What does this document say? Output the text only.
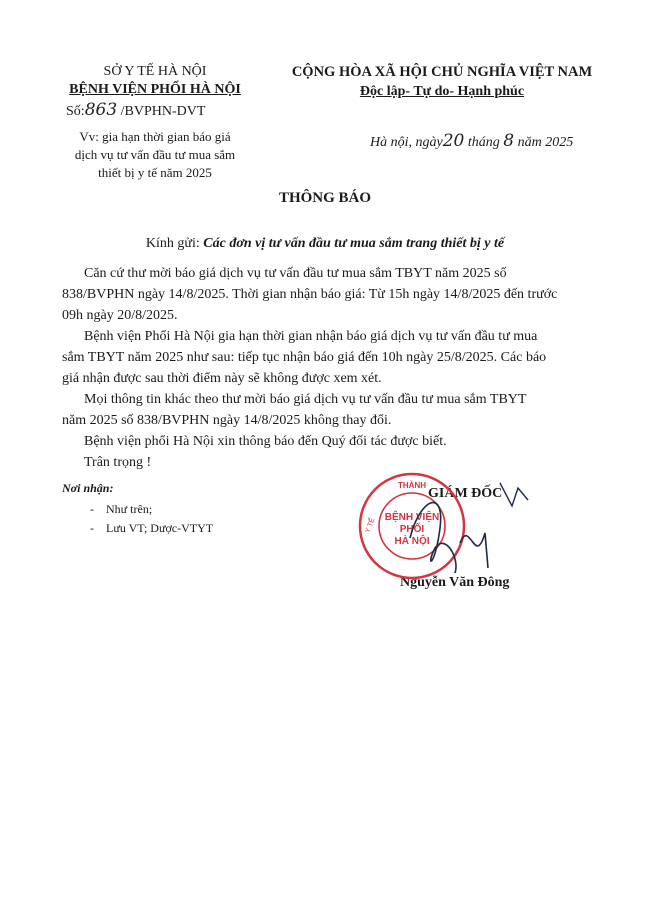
SỞ Y TẾ HÀ NỘI
BỆNH VIỆN PHỔI HÀ NỘI
Số:863 /BVPHN-DVT
Vv: gia hạn thời gian báo giá
dịch vụ tư vấn đầu tư mua sắm
thiết bị y tế năm 2025
CỘNG HÒA XÃ HỘI CHỦ NGHĨA VIỆT NAM
Độc lập- Tự do- Hạnh phúc
Hà nội, ngày20 tháng 8 năm 2025
THÔNG BÁO
Kính gửi: Các đơn vị tư vấn đầu tư mua sắm trang thiết bị y tế
Căn cứ thư mời báo giá dịch vụ tư vấn đầu tư mua sắm TBYT năm 2025 số
838/BVPHN ngày 14/8/2025. Thời gian nhận báo giá: Từ 15h ngày 14/8/2025 đến trước
09h ngày 20/8/2025.
Bệnh viện Phổi Hà Nội gia hạn thời gian nhận báo giá dịch vụ tư vấn đầu tư mua
sắm TBYT năm 2025 như sau: tiếp tục nhận báo giá đến 10h ngày 25/8/2025. Các báo
giá nhận được sau thời điểm này sẽ không được xem xét.
Mọi thông tin khác theo thư mời báo giá dịch vụ tư vấn đầu tư mua sắm TBYT
năm 2025 số 838/BVPHN ngày 14/8/2025 không thay đổi.
Bệnh viện phổi Hà Nội xin thông báo đến Quý đối tác được biết.
Trân trọng !
Nơi nhận:
-    Như trên;
-    Lưu VT; Dược-VTYT
GIÁM ĐỐC
Nguyễn Văn Đông
THÀNH
Y TẾ BỆNH VIỆN
PHỔI
HÀ NỘI
